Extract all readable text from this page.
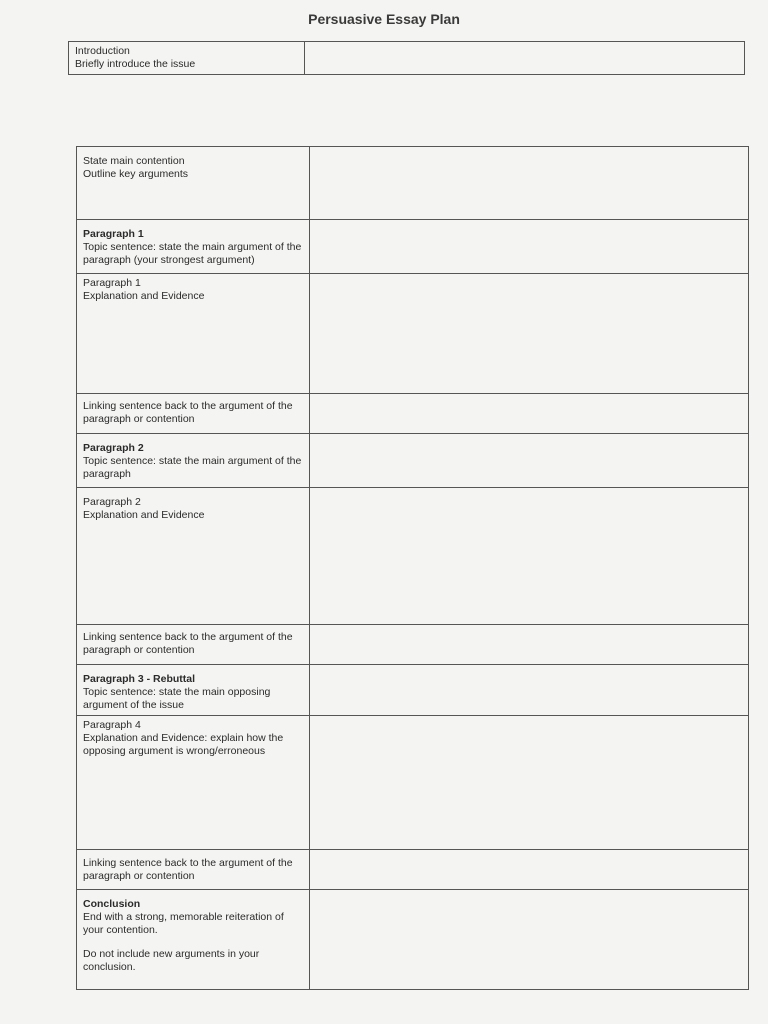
Persuasive Essay Plan
Introduction
Briefly introduce the issue

State main contention
Outline key arguments	

Paragraph 1
Topic sentence: state the main argument of the paragraph (your strongest argument)	

Paragraph 1
Explanation and Evidence	

Linking sentence back to the argument of the paragraph or contention	

Paragraph 2
Topic sentence: state the main argument of the paragraph	

Paragraph 2
Explanation and Evidence	

Linking sentence back to the argument of the paragraph or contention	

Paragraph 3 - Rebuttal
Topic sentence: state the main opposing argument of the issue	

Paragraph 4
Explanation and Evidence: explain how the opposing argument is wrong/erroneous	

Linking sentence back to the argument of the paragraph or contention	

Conclusion
End with a strong, memorable reiteration of your contention.
Do not include new arguments in your conclusion.	
